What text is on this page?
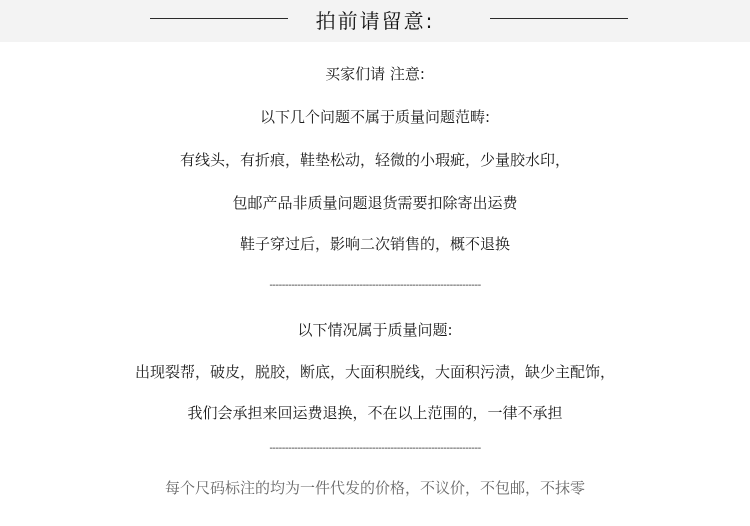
拍前请留意:
买家们请 注意:
以下几个问题不属于质量问题范畴:
有线头，有折痕，鞋垫松动，轻微的小瑕疵，少量胶水印，
包邮产品非质量问题退货需要扣除寄出运费
鞋子穿过后，影响二次销售的，概不退换
--------------------------------------------------------------------
以下情况属于质量问题:
出现裂帮，破皮，脱胶，断底，大面积脱线，大面积污渍，缺少主配饰，
我们会承担来回运费退换，不在以上范围的，一律不承担
--------------------------------------------------------------------
每个尺码标注的均为一件代发的价格，不议价，不包邮，不抹零
